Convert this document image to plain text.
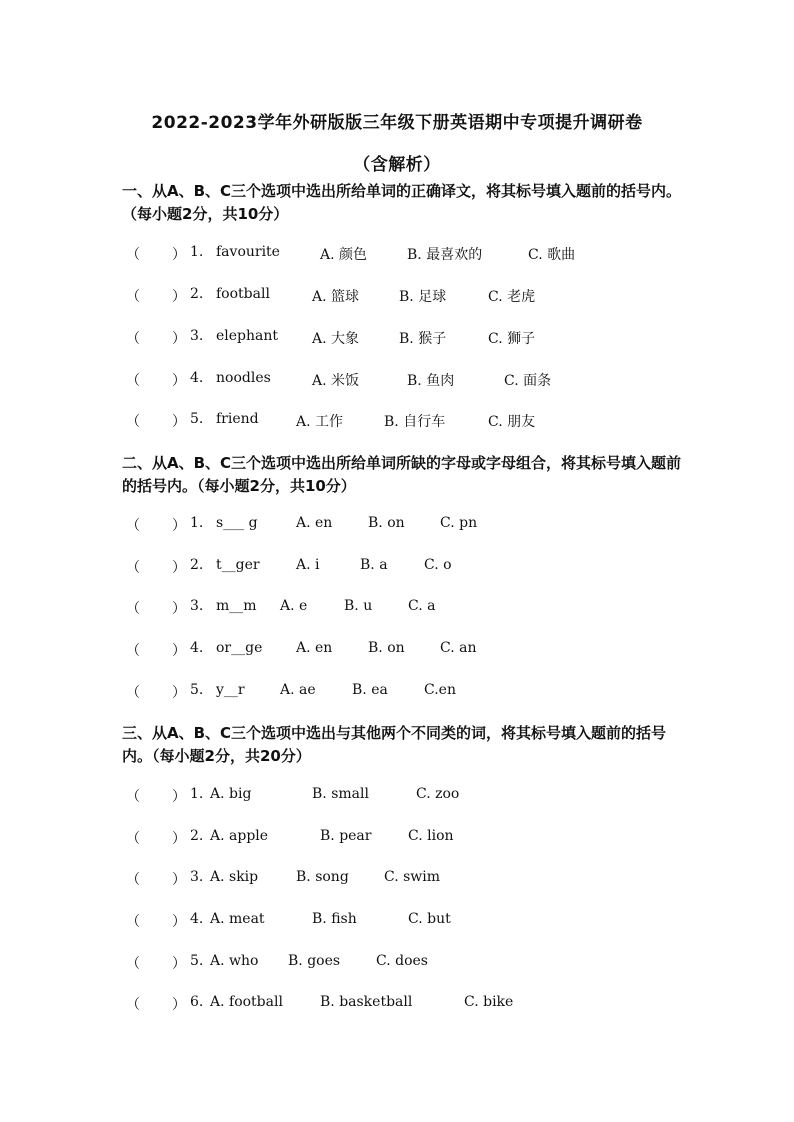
2022-2023学年外研版版三年级下册英语期中专项提升调研卷
（含解析）
一、从A、B、C三个选项中选出所给单词的正确译文，将其标号填入题前的括号内。（每小题2分，共10分）
（ ） 1. favourite	A. 颜色	B. 最喜欢的	C. 歌曲
（ ） 2. football	A. 篮球	B. 足球	C. 老虎
（ ） 3. elephant A. 大象	B. 猴子	C. 狮子
（ ） 4. noodles	A. 米饭	B. 鱼肉	C. 面条
（ ） 5. friend	A. 工作	B. 自行车	C. 朋友
二、从A、B、C三个选项中选出所给单词所缺的字母或字母组合，将其标号填入题前的括号内。（每小题2分，共10分）
（ ） 1. s___ g	A. en	B. on	C. pn
（ ） 2. t__ger	A. i	B. a	C. o
（ ） 3. m__m A. e	B. u	C. a
（ ） 4. or__ge A. en	B. on	C. an
（ ） 5. y__r	A. ae	B. ea	C.en
三、从A、B、C三个选项中选出与其他两个不同类的词，将其标号填入题前的括号内。（每小题2分，共20分）
（ ） 1. A. big	B. small	C. zoo
（ ） 2. A. apple	B. pear	C. lion
（ ） 3. A. skip	B. song	C. swim
（ ） 4. A. meat	B. fish	C. but
（ ） 5. A. who B. goes	C. does
（ ） 6. A. football	B. basketball	C. bike
